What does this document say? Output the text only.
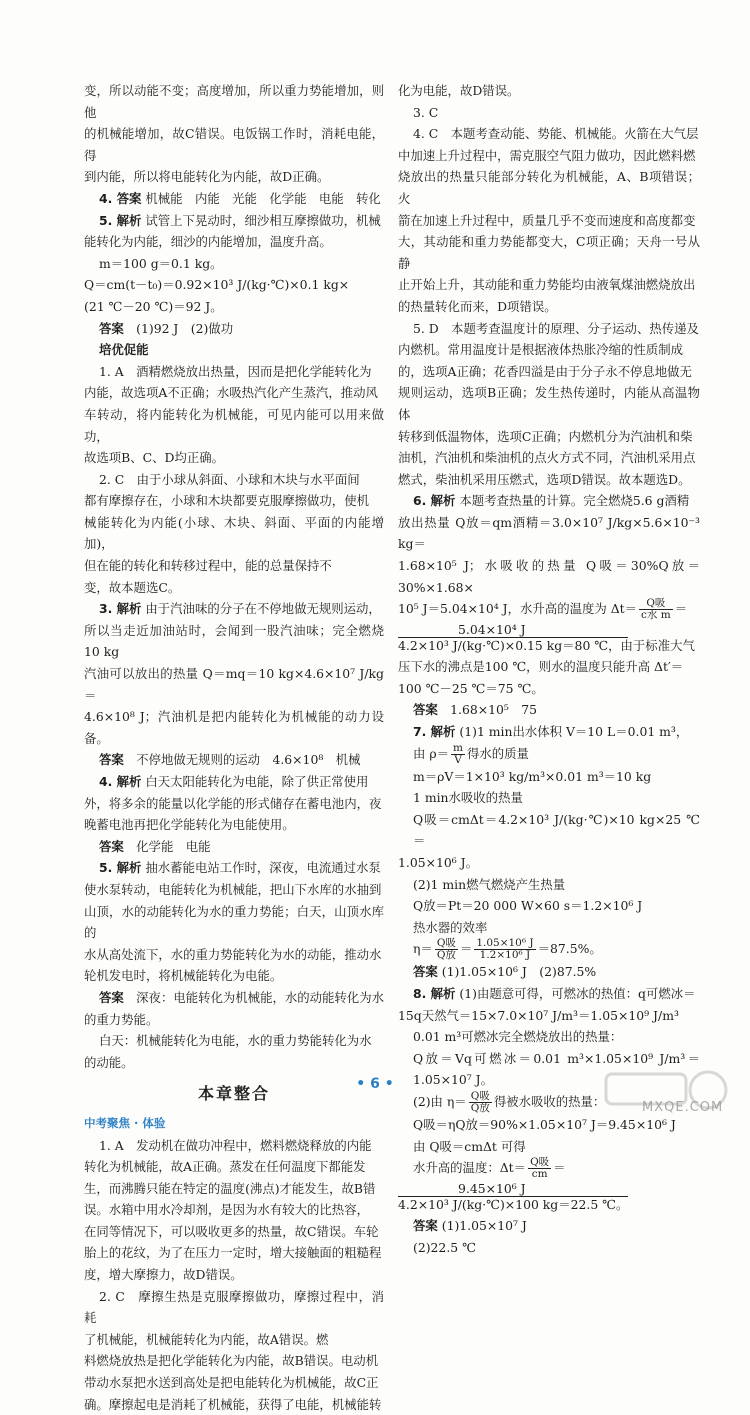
变，所以动能不变；高度增加，所以重力势能增加，则他

的机械能增加，故C错误。电饭锅工作时，消耗电能，得

到内能，所以将电能转化为内能，故D正确。

4. 答案 机械能　内能　光能　化学能　电能　转化

5. 解析 试管上下晃动时，细沙相互摩擦做功，机械

能转化为内能，细沙的内能增加，温度升高。

m＝100 g＝0.1 kg。

Q＝cm(t－t₀)＝0.92×10³ J/(kg·℃)×0.1 kg×

(21 ℃－20 ℃)＝92 J。

答案　 (1)92 J　(2)做功

培优促能

1. A　酒精燃烧放出热量，因而是把化学能转化为

内能，故选项A不正确；水吸热汽化产生蒸汽，推动风

车转动，将内能转化为机械能，可见内能可以用来做功，

故选项B、C、D均正确。

2. C　由于小球从斜面、小球和木块与水平面间

都有摩擦存在，小球和木块都要克服摩擦做功，使机

械能转化为内能(小球、木块、斜面、平面的内能增加)，

但在能的转化和转移过程中，能的总量保持不

变，故本题选C。

3. 解析 由于汽油味的分子在不停地做无规则运动，

所以当走近加油站时，会闻到一股汽油味；完全燃烧10 kg

汽油可以放出的热量 Q＝mq＝10 kg×4.6×10⁷ J/kg＝

4.6×10⁸ J；汽油机是把内能转化为机械能的动力设备。

答案　 不停地做无规则的运动　4.6×10⁸　机械

4. 解析 白天太阳能转化为电能，除了供正常使用

外，将多余的能量以化学能的形式储存在蓄电池内，夜

晚蓄电池再把化学能转化为电能使用。

答案　 化学能　电能

5. 解析 抽水蓄能电站工作时，深夜，电流通过水泵

使水泵转动，电能转化为机械能，把山下水库的水抽到

山顶，水的动能转化为水的重力势能；白天，山顶水库的

水从高处流下，水的重力势能转化为水的动能，推动水

轮机发电时，将机械能转化为电能。

答案　 深夜：电能转化为机械能，水的动能转化为水

的重力势能。

白天：机械能转化为电能，水的重力势能转化为水

的动能。

本章整合

中考聚焦 · 体验

1. A　发动机在做功冲程中，燃料燃烧释放的内能

转化为机械能，故A正确。蒸发在任何温度下都能发

生，而沸腾只能在特定的温度(沸点)才能发生，故B错

误。水箱中用水冷却剂，是因为水有较大的比热容，

在同等情况下，可以吸收更多的热量，故C错误。车轮

胎上的花纹，为了在压力一定时，增大接触面的粗糙程

度，增大摩擦力，故D错误。

2. C　摩擦生热是克服摩擦做功，摩擦过程中，消耗

了机械能，机械能转化为内能，故A错误。燃

料燃烧放热是把化学能转化为内能，故B错误。电动机

带动水泵把水送到高处是把电能转化为机械能，故C正

确。摩擦起电是消耗了机械能，获得了电能，机械能转

化为电能，故D错误。

3. C

4. C　本题考查动能、势能、机械能。火箭在大气层

中加速上升过程中，需克服空气阻力做功，因此燃料燃

烧放出的热量只能部分转化为机械能，A、B项错误；火

箭在加速上升过程中，质量几乎不变而速度和高度都变

大，其动能和重力势能都变大，C项正确；天舟一号从静

止开始上升，其动能和重力势能均由液氧煤油燃烧放出

的热量转化而来，D项错误。

5. D　本题考查温度计的原理、分子运动、热传递及

内燃机。常用温度计是根据液体热胀冷缩的性质制成

的，选项A正确；花香四溢是由于分子永不停息地做无

规则运动，选项B正确；发生热传递时，内能从高温物体

转移到低温物体，选项C正确；内燃机分为汽油机和柴

油机，汽油机和柴油机的点火方式不同，汽油机采用点

燃式，柴油机采用压燃式，选项D错误。故本题选D。

6. 解析 本题考查热量的计算。完全燃烧5.6 g酒精

放出热量 Q放＝qm酒精＝3.0×10⁷ J/kg×5.6×10⁻³ kg＝

1.68×10⁵ J；水吸收的热量 Q吸＝30%Q放＝30%×1.68×

10⁵ J＝5.04×10⁴ J，水升高的温度为 $\Delta t= \frac{\text{Q吸}}{\text{c水 m}}$ ＝

5.04×10⁴ J
4.2×10³ J/(kg·℃)×0.15 kg＝80 ℃，由于标准大气

压下水的沸点是100 ℃，则水的温度只能升高 Δt′＝

100 ℃－25 ℃＝75 ℃。

答案　 1.68×10⁵　75

7. 解析 (1)1 min出水体积 V＝10 L＝0.01 m³，

由 $\rho= \frac{m}{V}$ 得水的质量

m＝ρV＝1×10³ kg/m³×0.01 m³＝10 kg

1 min水吸收的热量

Q吸＝cmΔt＝4.2×10³ J/(kg·℃)×10 kg×25 ℃＝

1.05×10⁶ J。

(2)1 min燃气燃烧产生热量

Q放＝Pt＝20 000 W×60 s＝1.2×10⁶ J

热水器的效率

$\eta= \frac{\text{Q吸}}{\text{Q放}} = \frac{\text{1.05×10⁶ J}}{\text{1.2×10⁶ J}} =87.5\%$。

答案 (1)1.05×10⁶ J　(2)87.5%

8. 解析 (1)由题意可得，可燃冰的热值：q可燃冰＝

15q天然气＝15×7.0×10⁷ J/m³＝1.05×10⁹ J/m³

0.01 m³可燃冰完全燃烧放出的热量：

Q放＝Vq可燃冰＝0.01 m³×1.05×10⁹ J/m³＝1.05×10⁷ J。

(2)由 $\eta= \frac{\text{Q吸}}{\text{Q放}}$ 得被水吸收的热量：

Q吸＝ηQ放＝90%×1.05×10⁷ J＝9.45×10⁶ J

由 Q吸＝cmΔt 可得

水升高的温度：$\Delta t= \frac{\text{Q吸}}{cm}$ ＝

9.45×10⁶ J
4.2×10³ J/(kg·℃)×100 kg＝22.5 ℃。

答案 (1)1.05×10⁷ J

(2)22.5 ℃

• 6 •
MXQE.COM
